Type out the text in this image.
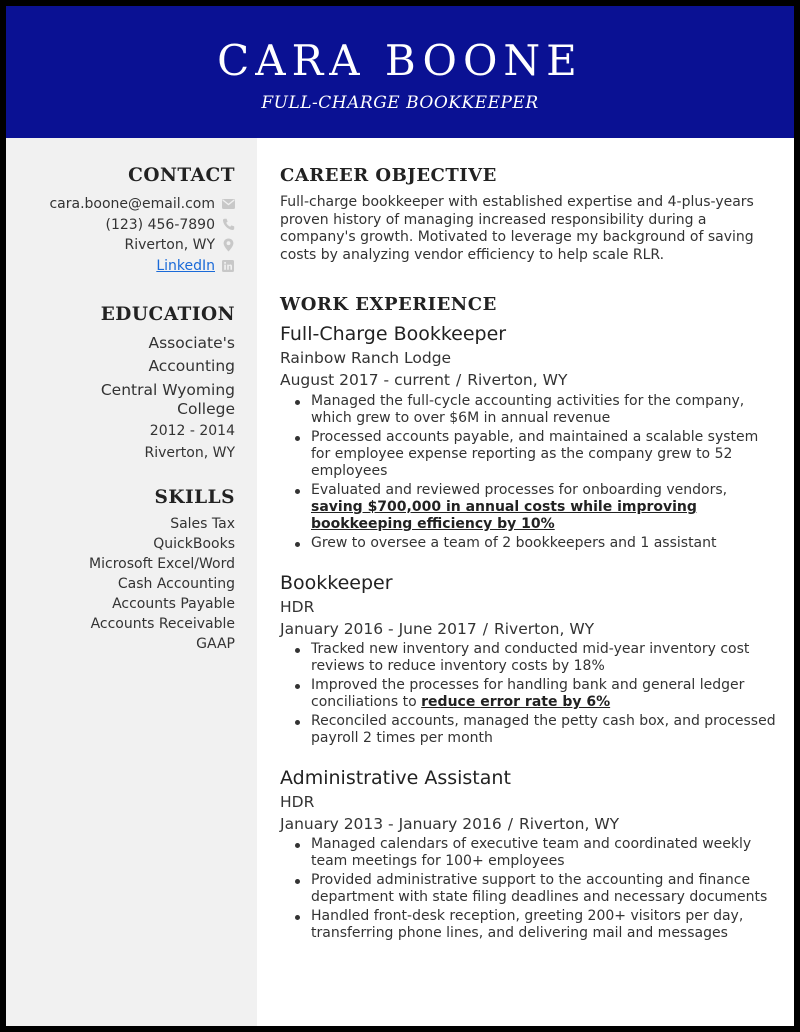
CARA BOONE
FULL-CHARGE BOOKKEEPER
CONTACT
cara.boone@email.com
(123) 456-7890
Riverton, WY
LinkedIn
EDUCATION
Associate's
Accounting
Central Wyoming
College
2012 - 2014
Riverton, WY
SKILLS
Sales Tax
QuickBooks
Microsoft Excel/Word
Cash Accounting
Accounts Payable
Accounts Receivable
GAAP
CAREER OBJECTIVE
Full-charge bookkeeper with established expertise and 4-plus-years proven history of managing increased responsibility during a company's growth. Motivated to leverage my background of saving costs by analyzing vendor efficiency to help scale RLR.
WORK EXPERIENCE
Full-Charge Bookkeeper
Rainbow Ranch Lodge
August 2017 - current / Riverton, WY
Managed the full-cycle accounting activities for the company, which grew to over $6M in annual revenue
Processed accounts payable, and maintained a scalable system for employee expense reporting as the company grew to 52 employees
Evaluated and reviewed processes for onboarding vendors, saving $700,000 in annual costs while improving bookkeeping efficiency by 10%
Grew to oversee a team of 2 bookkeepers and 1 assistant
Bookkeeper
HDR
January 2016 - June 2017 / Riverton, WY
Tracked new inventory and conducted mid-year inventory cost reviews to reduce inventory costs by 18%
Improved the processes for handling bank and general ledger conciliations to reduce error rate by 6%
Reconciled accounts, managed the petty cash box, and processed payroll 2 times per month
Administrative Assistant
HDR
January 2013 - January 2016 / Riverton, WY
Managed calendars of executive team and coordinated weekly team meetings for 100+ employees
Provided administrative support to the accounting and finance department with state filing deadlines and necessary documents
Handled front-desk reception, greeting 200+ visitors per day, transferring phone lines, and delivering mail and messages
